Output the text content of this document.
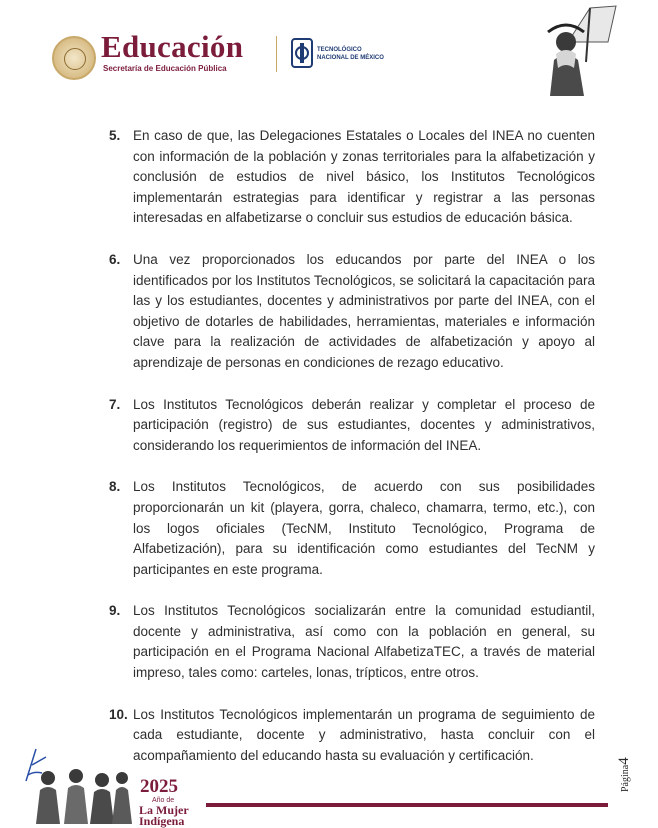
Educación
Secretaría de Educación Pública
TECNOLÓGICO
NACIONAL DE MÉXICO
5. En caso de que, las Delegaciones Estatales o Locales del INEA no cuenten con información de la población y zonas territoriales para la alfabetización y conclusión de estudios de nivel básico, los Institutos Tecnológicos implementarán estrategias para identificar y registrar a las personas interesadas en alfabetizarse o concluir sus estudios de educación básica.
6. Una vez proporcionados los educandos por parte del INEA o los identificados por los Institutos Tecnológicos, se solicitará la capacitación para las y los estudiantes, docentes y administrativos por parte del INEA, con el objetivo de dotarles de habilidades, herramientas, materiales e información clave para la realización de actividades de alfabetización y apoyo al aprendizaje de personas en condiciones de rezago educativo.
7. Los Institutos Tecnológicos deberán realizar y completar el proceso de participación (registro) de sus estudiantes, docentes y administrativos, considerando los requerimientos de información del INEA.
8. Los Institutos Tecnológicos, de acuerdo con sus posibilidades proporcionarán un kit (playera, gorra, chaleco, chamarra, termo, etc.), con los logos oficiales (TecNM, Instituto Tecnológico, Programa de Alfabetización), para su identificación como estudiantes del TecNM y participantes en este programa.
9. Los Institutos Tecnológicos socializarán entre la comunidad estudiantil, docente y administrativa, así como con la población en general, su participación en el Programa Nacional AlfabetizaTEC, a través de material impreso, tales como: carteles, lonas, trípticos, entre otros.
10. Los Institutos Tecnológicos implementarán un programa de seguimiento de cada estudiante, docente y administrativo, hasta concluir con el acompañamiento del educando hasta su evaluación y certificación.
2025
Año de
La Mujer
Indígena
Página4
